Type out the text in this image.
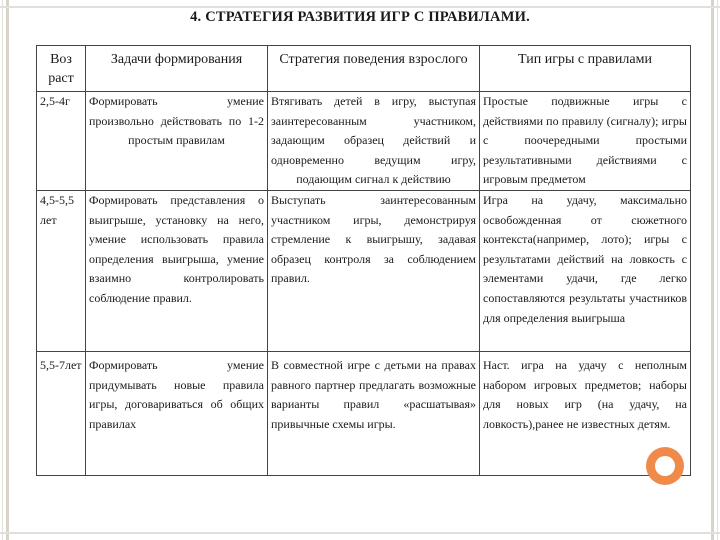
4. СТРАТЕГИЯ РАЗВИТИЯ ИГР С ПРАВИЛАМИ.
Воз раст	Задачи формирования	Стратегия поведения взрослого	Тип игры с правилами
2,5-4г	Формировать умение произвольно действовать по 1-2 простым правилам	Втягивать детей в игру, выступая заинтересованным участником, задающим образец действий и одновременно ведущим игру, подающим сигнал к действию	Простые подвижные игры с действиями по правилу (сигналу); игры с поочередными простыми результативными действиями с игровым предметом
4,5-5,5 лет	Формировать представления о выигрыше, установку на него, умение использовать правила определения выигрыша, умение взаимно контролировать соблюдение правил.	Выступать заинтересованным участником игры, демонстрируя стремление к выигрышу, задавая образец контроля за соблюдением правил.	Игра на удачу, максимально освобожденная от сюжетного контекста(например, лото); игры с результатами действий на ловкость с элементами удачи, где легко сопоставляются результаты участников для определения выигрыша
5,5-7лет	Формировать умение придумывать новые правила игры, договариваться об общих правилах	В совместной игре с детьми на правах равного партнер предлагать возможные варианты правил «расшатывая» привычные схемы игры.	Наст. игра на удачу с неполным набором игровых предметов; наборы для новых игр (на удачу, на ловкость),ранее не известных детям.
